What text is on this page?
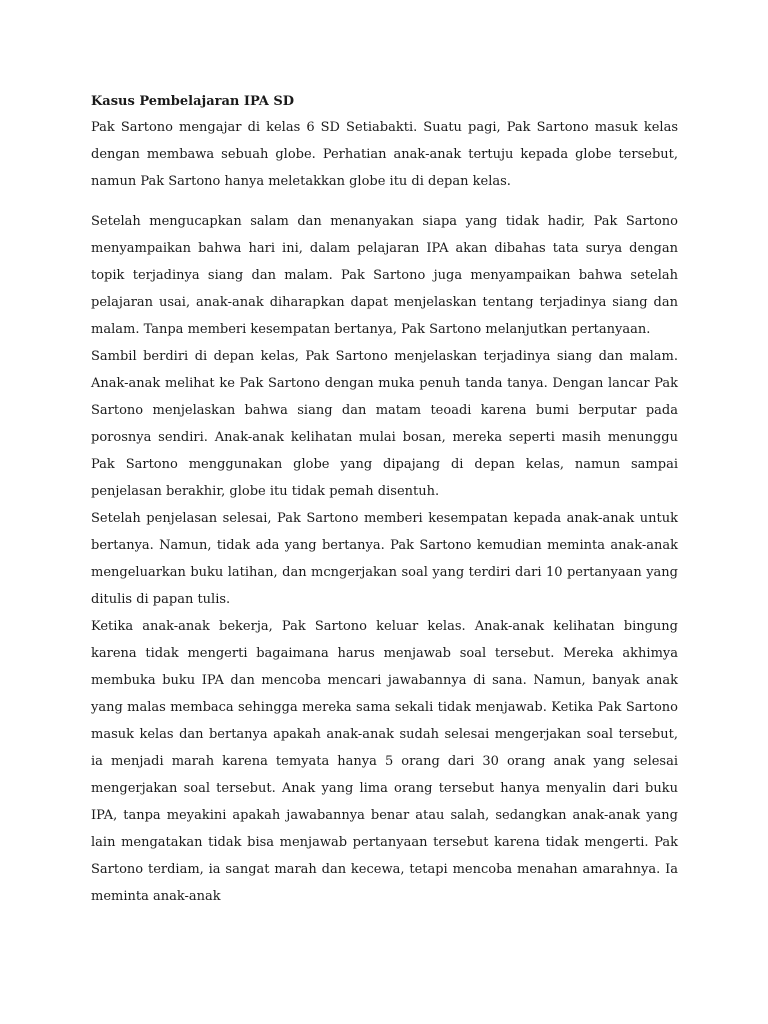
Kasus Pembelajaran IPA SD

Pak Sartono mengajar di kelas 6 SD Setiabakti. Suatu pagi, Pak Sartono masuk kelas dengan membawa sebuah globe. Perhatian anak-anak tertuju kepada globe tersebut, namun Pak Sartono hanya meletakkan globe itu di depan kelas.

Setelah mengucapkan salam dan menanyakan siapa yang tidak hadir, Pak Sartono menyampaikan bahwa hari ini, dalam pelajaran IPA akan dibahas tata surya dengan topik terjadinya siang dan malam. Pak Sartono juga menyampaikan bahwa setelah pelajaran usai, anak-anak diharapkan dapat menjelaskan tentang terjadinya siang dan malam. Tanpa memberi kesempatan bertanya, Pak Sartono melanjutkan pertanyaan.

Sambil berdiri di depan kelas, Pak Sartono menjelaskan terjadinya siang dan malam. Anak-anak melihat ke Pak Sartono dengan muka penuh tanda tanya. Dengan lancar Pak Sartono menjelaskan bahwa siang dan matam teoadi karena bumi berputar pada porosnya sendiri. Anak-anak kelihatan mulai bosan, mereka seperti masih menunggu Pak Sartono menggunakan globe yang dipajang di depan kelas, namun sampai penjelasan berakhir, globe itu tidak pemah disentuh.

Setelah penjelasan selesai, Pak Sartono memberi kesempatan kepada anak-anak untuk bertanya. Namun, tidak ada yang bertanya. Pak Sartono kemudian meminta anak-anak mengeluarkan buku latihan, dan mcngerjakan soal yang terdiri dari 10 pertanyaan yang ditulis di papan tulis.

Ketika anak-anak bekerja, Pak Sartono keluar kelas. Anak-anak kelihatan bingung karena tidak mengerti bagaimana harus menjawab soal tersebut. Mereka akhimya membuka buku IPA dan mencoba mencari jawabannya di sana. Namun, banyak anak yang malas membaca sehingga mereka sama sekali tidak menjawab. Ketika Pak Sartono masuk kelas dan bertanya apakah anak-anak sudah selesai mengerjakan soal tersebut, ia menjadi marah karena temyata hanya 5 orang dari 30 orang anak yang selesai mengerjakan soal tersebut. Anak yang lima orang tersebut hanya menyalin dari buku IPA, tanpa meyakini apakah jawabannya benar atau salah, sedangkan anak-anak yang lain mengatakan tidak bisa menjawab pertanyaan tersebut karena tidak mengerti. Pak Sartono terdiam, ia sangat marah dan kecewa, tetapi mencoba menahan amarahnya. Ia meminta anak-anak
